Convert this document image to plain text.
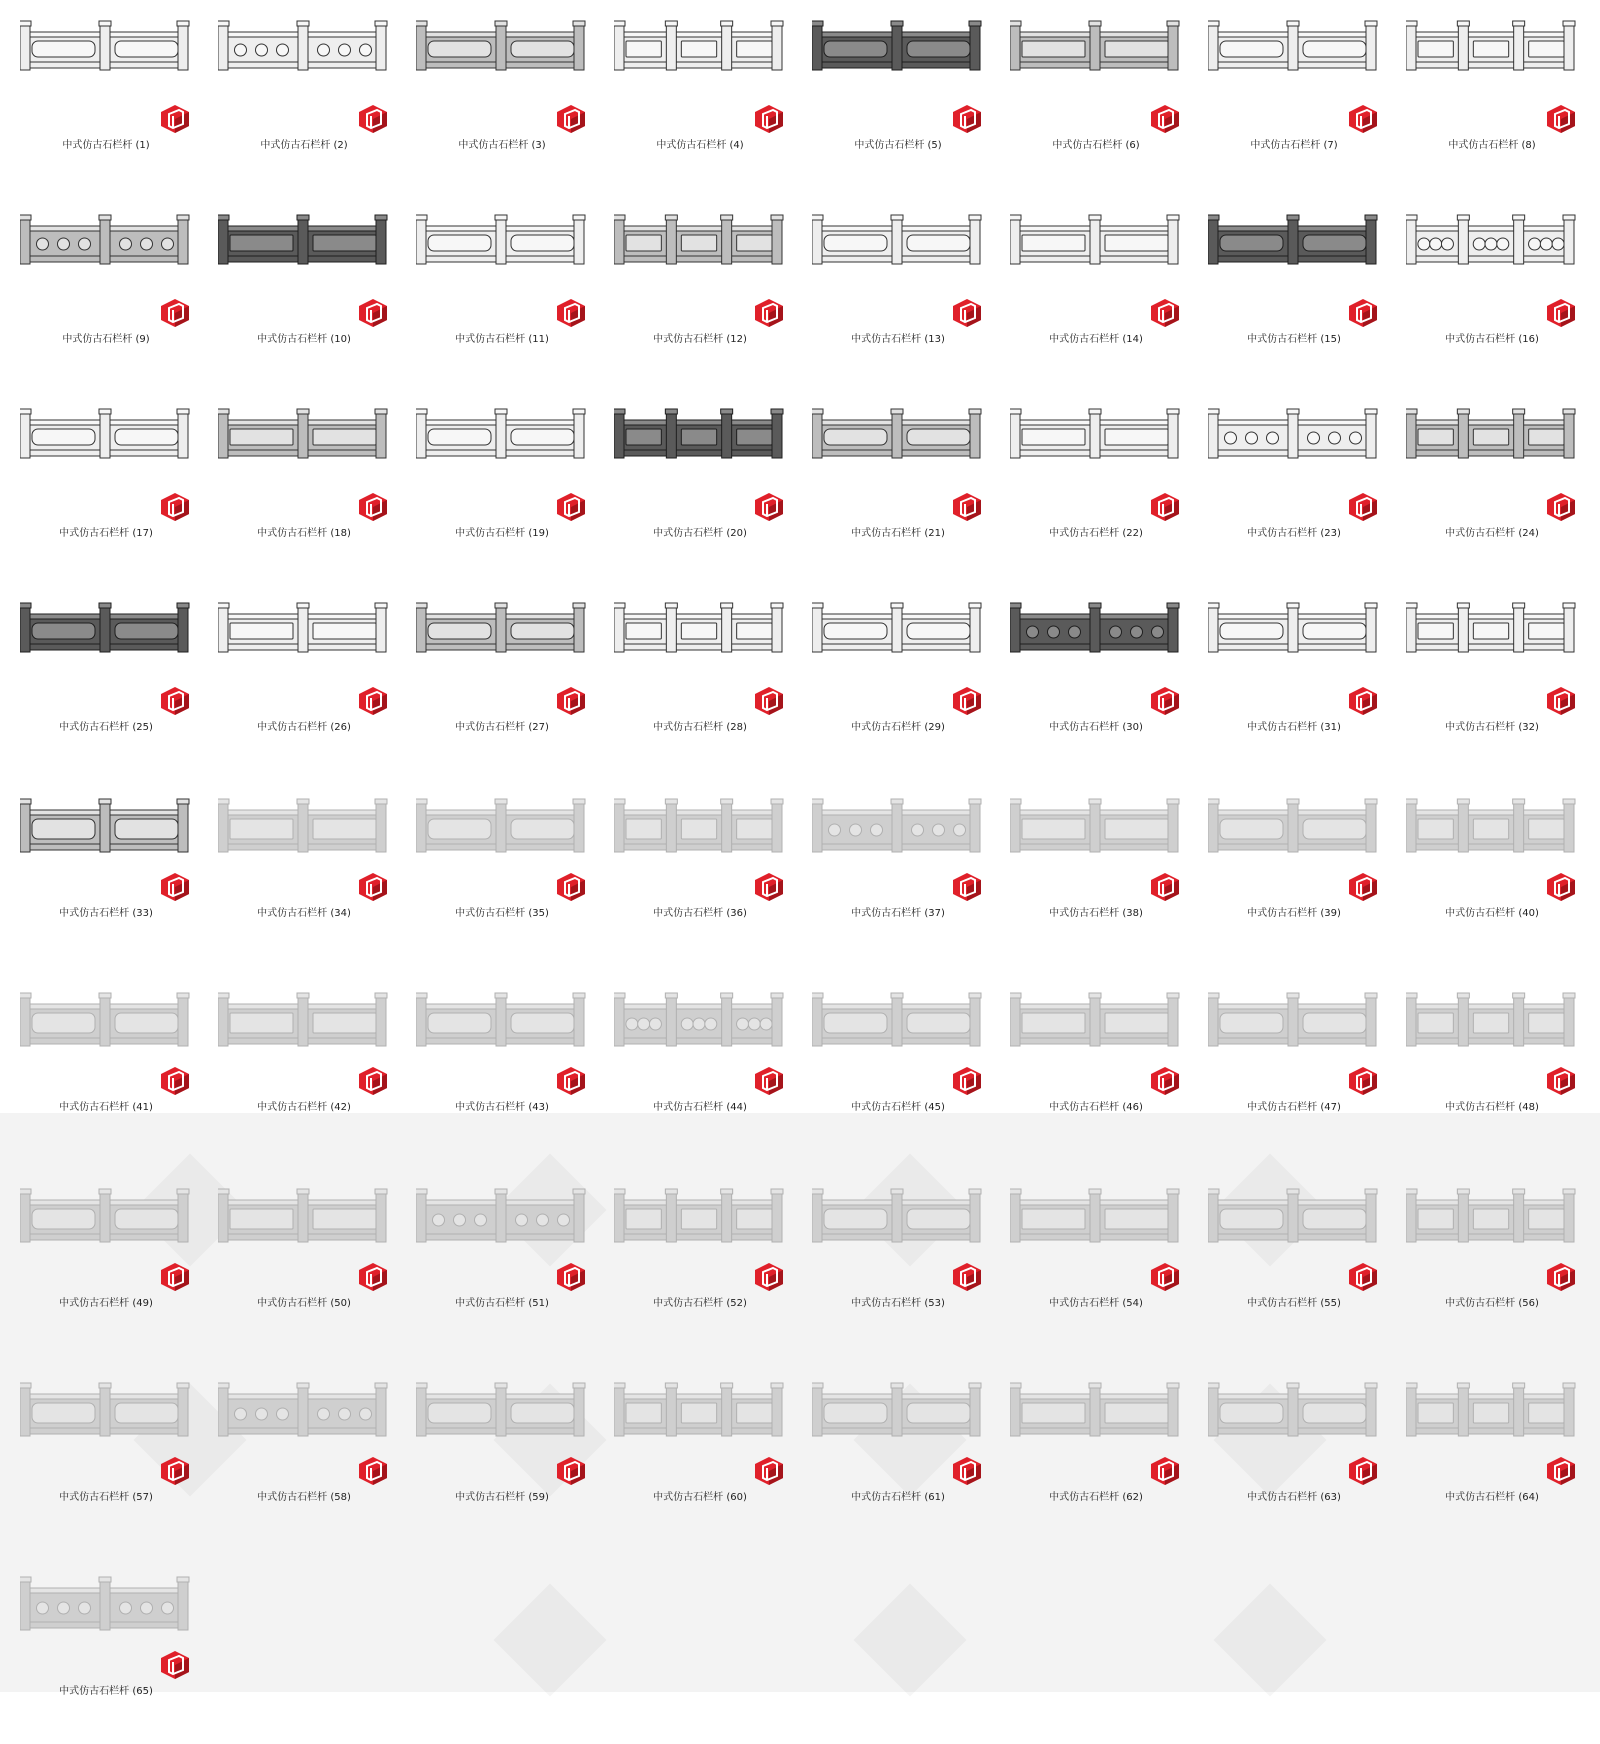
中式仿古石栏杆 (1)	中式仿古石栏杆 (2)	中式仿古石栏杆 (3)	中式仿古石栏杆 (4)	中式仿古石栏杆 (5)	中式仿古石栏杆 (6)	中式仿古石栏杆 (7)	中式仿古石栏杆 (8)
中式仿古石栏杆 (9)	中式仿古石栏杆 (10)	中式仿古石栏杆 (11)	中式仿古石栏杆 (12)	中式仿古石栏杆 (13)	中式仿古石栏杆 (14)	中式仿古石栏杆 (15)	中式仿古石栏杆 (16)
中式仿古石栏杆 (17)	中式仿古石栏杆 (18)	中式仿古石栏杆 (19)	中式仿古石栏杆 (20)	中式仿古石栏杆 (21)	中式仿古石栏杆 (22)	中式仿古石栏杆 (23)	中式仿古石栏杆 (24)
中式仿古石栏杆 (25)	中式仿古石栏杆 (26)	中式仿古石栏杆 (27)	中式仿古石栏杆 (28)	中式仿古石栏杆 (29)	中式仿古石栏杆 (30)	中式仿古石栏杆 (31)	中式仿古石栏杆 (32)
中式仿古石栏杆 (33)	中式仿古石栏杆 (34)	中式仿古石栏杆 (35)	中式仿古石栏杆 (36)	中式仿古石栏杆 (37)	中式仿古石栏杆 (38)	中式仿古石栏杆 (39)	中式仿古石栏杆 (40)
中式仿古石栏杆 (41)	中式仿古石栏杆 (42)	中式仿古石栏杆 (43)	中式仿古石栏杆 (44)	中式仿古石栏杆 (45)	中式仿古石栏杆 (46)	中式仿古石栏杆 (47)	中式仿古石栏杆 (48)
中式仿古石栏杆 (49)	中式仿古石栏杆 (50)	中式仿古石栏杆 (51)	中式仿古石栏杆 (52)	中式仿古石栏杆 (53)	中式仿古石栏杆 (54)	中式仿古石栏杆 (55)	中式仿古石栏杆 (56)
中式仿古石栏杆 (57)	中式仿古石栏杆 (58)	中式仿古石栏杆 (59)	中式仿古石栏杆 (60)	中式仿古石栏杆 (61)	中式仿古石栏杆 (62)	中式仿古石栏杆 (63)	中式仿古石栏杆 (64)
中式仿古石栏杆 (65)
